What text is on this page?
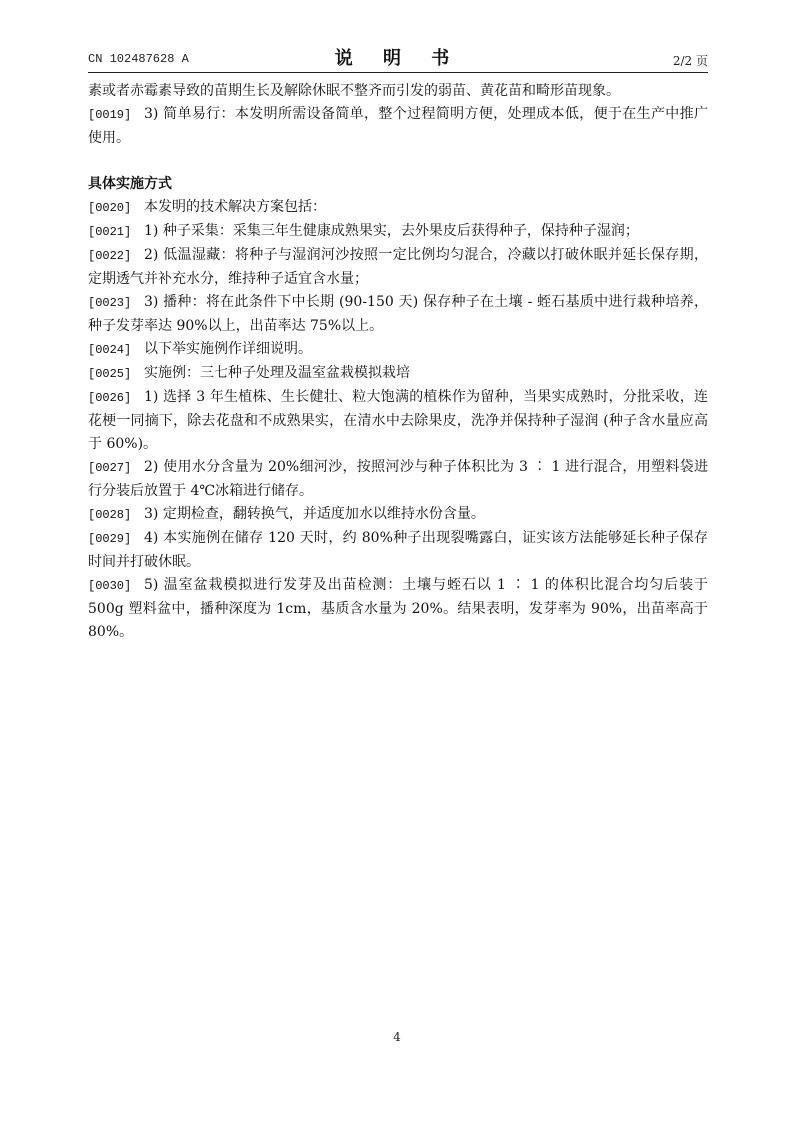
CN 102487628 A	说 明 书	2/2 页

素或者赤霉素导致的苗期生长及解除休眠不整齐而引发的弱苗、黄花苗和畸形苗现象。

[0019] 3) 简单易行：本发明所需设备简单，整个过程简明方便，处理成本低，便于在生产中推广使用。

具体实施方式

[0020] 本发明的技术解决方案包括：

[0021] 1) 种子采集：采集三年生健康成熟果实，去外果皮后获得种子，保持种子湿润；

[0022] 2) 低温湿藏：将种子与湿润河沙按照一定比例均匀混合，冷藏以打破休眠并延长保存期，定期透气并补充水分，维持种子适宜含水量；

[0023] 3) 播种：将在此条件下中长期 (90-150 天) 保存种子在土壤 - 蛭石基质中进行栽种培养，种子发芽率达 90%以上，出苗率达 75%以上。

[0024] 以下举实施例作详细说明。

[0025] 实施例：三七种子处理及温室盆栽模拟栽培

[0026] 1) 选择 3 年生植株、生长健壮、粒大饱满的植株作为留种，当果实成熟时，分批采收，连花梗一同摘下，除去花盘和不成熟果实，在清水中去除果皮，洗净并保持种子湿润 (种子含水量应高于 60%)。

[0027] 2) 使用水分含量为 20%细河沙，按照河沙与种子体积比为 3 ∶ 1 进行混合，用塑料袋进行分装后放置于 4℃冰箱进行储存。

[0028] 3) 定期检查，翻转换气，并适度加水以维持水份含量。

[0029] 4) 本实施例在储存 120 天时，约 80%种子出现裂嘴露白，证实该方法能够延长种子保存时间并打破休眠。

[0030] 5) 温室盆栽模拟进行发芽及出苗检测：土壤与蛭石以 1 ∶ 1 的体积比混合均匀后装于 500g 塑料盆中，播种深度为 1cm，基质含水量为 20%。结果表明，发芽率为 90%，出苗率高于 80%。

4
